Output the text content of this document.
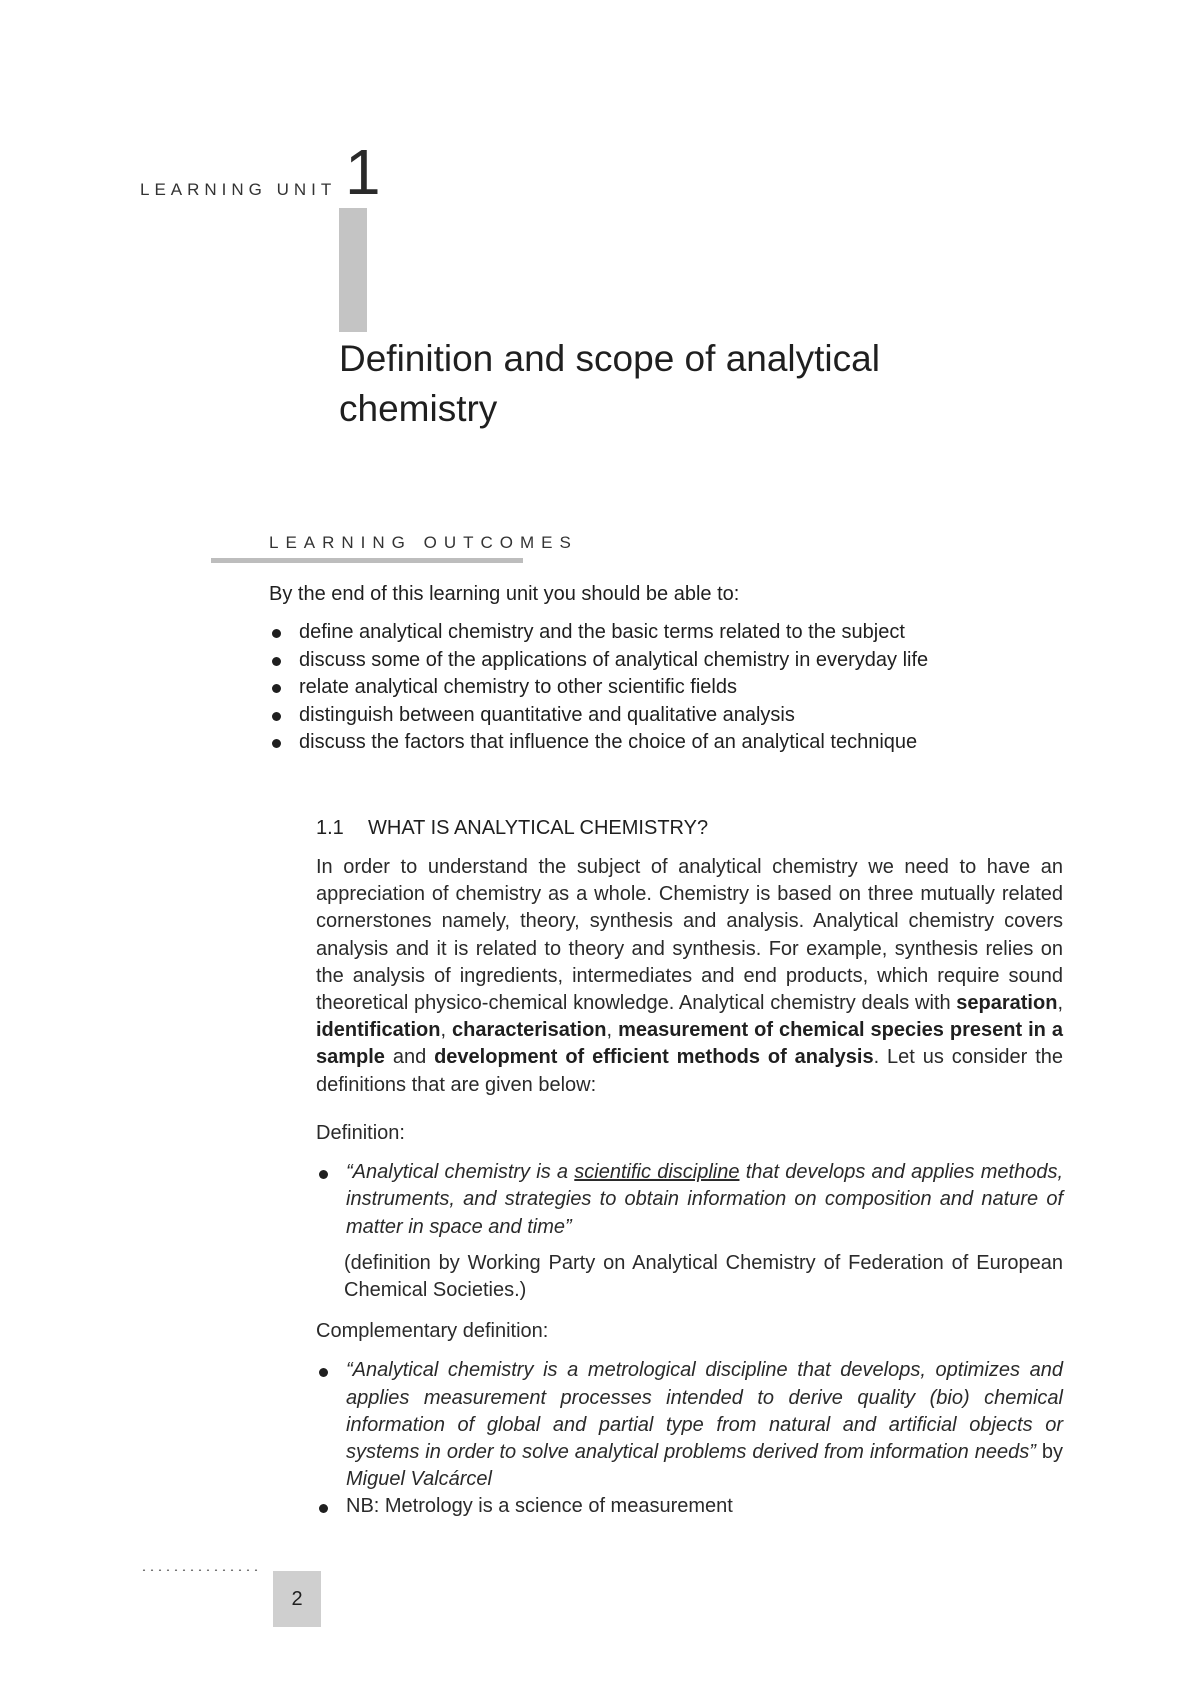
LEARNING UNIT 1
Definition and scope of analytical chemistry
LEARNING OUTCOMES
By the end of this learning unit you should be able to:
define analytical chemistry and the basic terms related to the subject
discuss some of the applications of analytical chemistry in everyday life
relate analytical chemistry to other scientific fields
distinguish between quantitative and qualitative analysis
discuss the factors that influence the choice of an analytical technique
1.1 WHAT IS ANALYTICAL CHEMISTRY?

In order to understand the subject of analytical chemistry we need to have an appreciation of chemistry as a whole. Chemistry is based on three mutually related cornerstones namely, theory, synthesis and analysis. Analytical chemistry covers analysis and it is related to theory and synthesis. For example, synthesis relies on the analysis of ingredients, intermediates and end products, which require sound theoretical physico-chemical knowledge. Analytical chemistry deals with separation, identification, characterisation, measurement of chemical species present in a sample and development of efficient methods of analysis. Let us consider the definitions that are given below:

Definition:

“Analytical chemistry is a scientific discipline that develops and applies methods, instruments, and strategies to obtain information on composition and nature of matter in space and time”

(definition by Working Party on Analytical Chemistry of Federation of European Chemical Societies.)

Complementary definition:

“Analytical chemistry is a metrological discipline that develops, optimizes and applies measurement processes intended to derive quality (bio) chemical information of global and partial type from natural and artificial objects or systems in order to solve analytical problems derived from information needs” by Miguel Valcárcel

NB: Metrology is a science of measurement

2
